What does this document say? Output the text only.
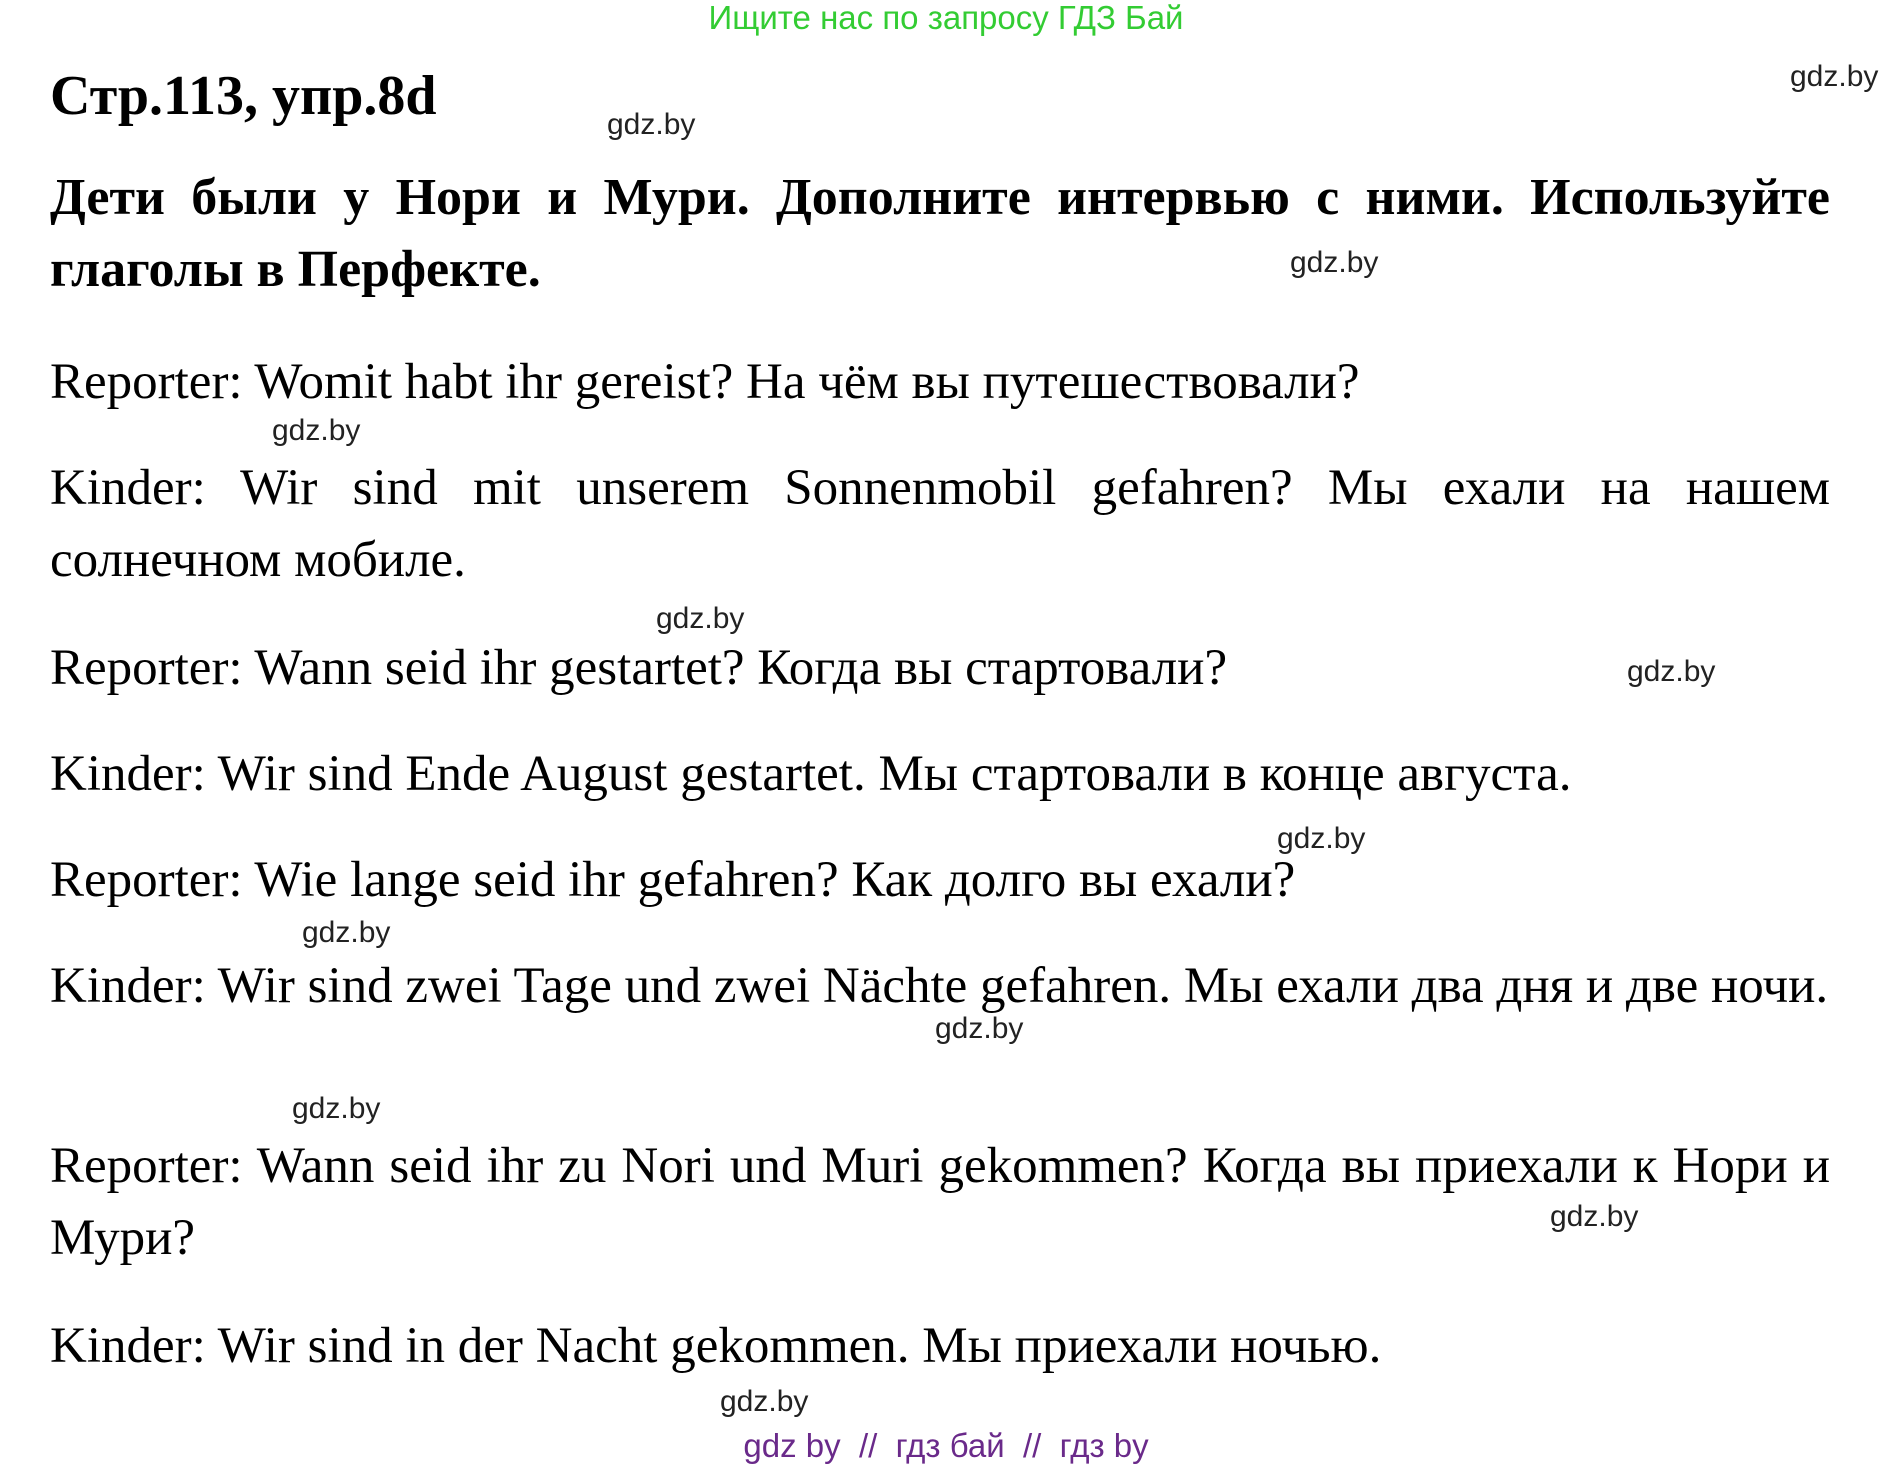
Ищите нас по запросу ГДЗ Бай
Стр.113, упр.8d
Дети были у Нори и Мури. Дополните интервью с ними. Используйте глаголы в Перфекте.
Reporter: Womit habt ihr gereist? На чём вы путешествовали?
Kinder: Wir sind mit unserem Sonnenmobil gefahren? Мы ехали на нашем солнечном мобиле.
Reporter: Wann seid ihr gestartet? Когда вы стартовали?
Kinder: Wir sind Ende August gestartet. Мы стартовали в конце августа.
Reporter: Wie lange seid ihr gefahren? Как долго вы ехали?
Kinder: Wir sind zwei Tage und zwei Nächte gefahren. Мы ехали два дня и две ночи.
Reporter: Wann seid ihr zu Nori und Muri gekommen? Когда вы приехали к Нори и Мури?
Kinder: Wir sind in der Nacht gekommen. Мы приехали ночью.
gdz.by
gdz.by
gdz.by
gdz.by
gdz.by
gdz.by
gdz.by
gdz.by
gdz.by
gdz.by
gdz.by
gdz.by
gdz by  //  гдз бай  //  гдз by
